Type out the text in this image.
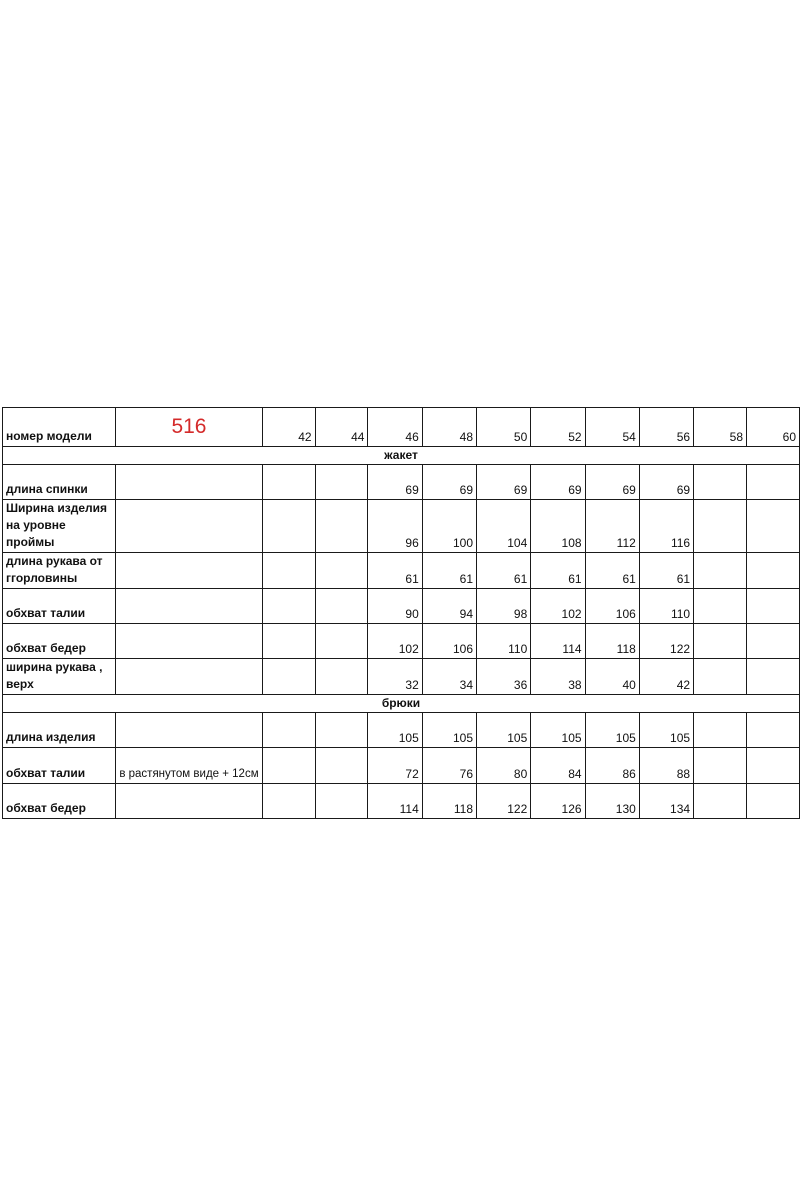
номер модели	516	42	44	46	48	50	52	54	56	58	60
жакет											
длина спинки				69	69	69	69	69	69		
Ширина изделия на уровне проймы				96	100	104	108	112	116		
длина рукава от ггорловины				61	61	61	61	61	61		
обхват талии				90	94	98	102	106	110		
обхват бедер				102	106	110	114	118	122		
ширина рукава , верх				32	34	36	38	40	42		
брюки											
длина изделия				105	105	105	105	105	105		
обхват талии	в растянутом виде + 12см			72	76	80	84	86	88		
обхват бедер				114	118	122	126	130	134		
